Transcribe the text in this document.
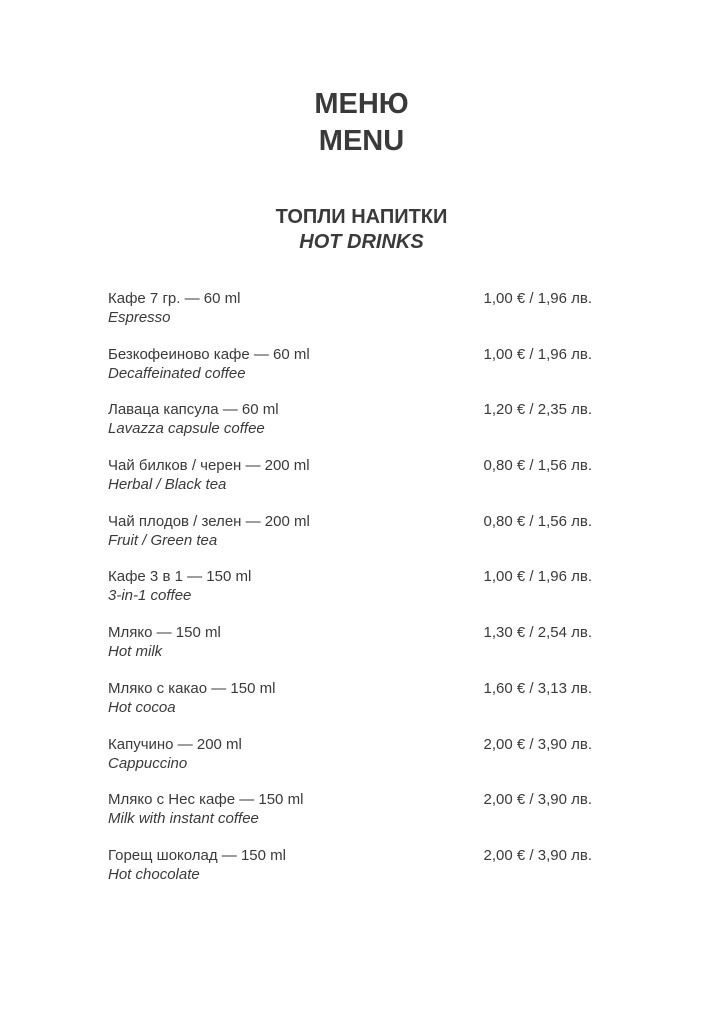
МЕНЮ
MENU
ТОПЛИ НАПИТКИ
HOT DRINKS
Кафе 7 гр. — 60 ml
Espresso
1,00 € / 1,96 лв.
Безкофеиново кафе — 60 ml
Decaffeinated coffee
1,00 € / 1,96 лв.
Лаваца капсула — 60 ml
Lavazza capsule coffee
1,20 € / 2,35 лв.
Чай билков / черен — 200 ml
Herbal / Black tea
0,80 € / 1,56 лв.
Чай плодов / зелен — 200 ml
Fruit / Green tea
0,80 € / 1,56 лв.
Кафе 3 в 1 — 150 ml
3-in-1 coffee
1,00 € / 1,96 лв.
Мляко — 150 ml
Hot milk
1,30 € / 2,54 лв.
Мляко с какао — 150 ml
Hot cocoa
1,60 € / 3,13 лв.
Капучино — 200 ml
Cappuccino
2,00 € / 3,90 лв.
Мляко с Нес кафе — 150 ml
Milk with instant coffee
2,00 € / 3,90 лв.
Горещ шоколад — 150 ml
Hot chocolate
2,00 € / 3,90 лв.
